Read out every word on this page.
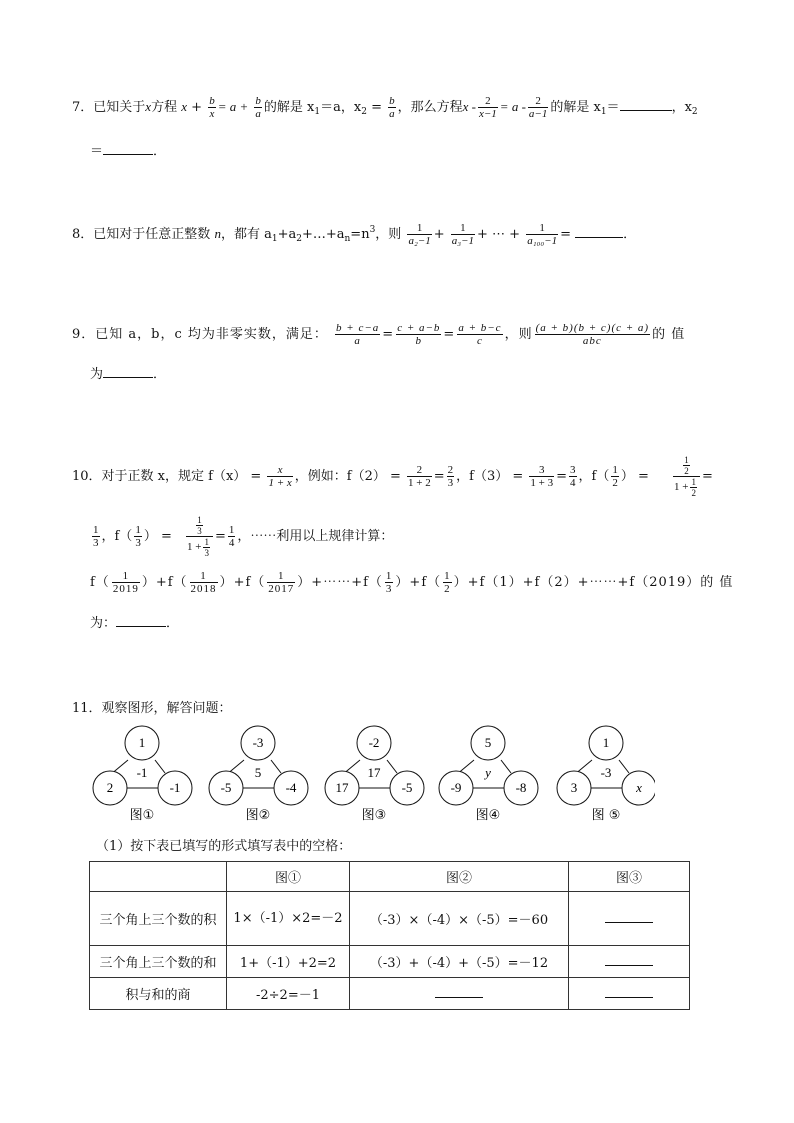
7．已知关于x方程 $x + \frac{b}{x} = a + \frac{b}{a}$ 的解是 $x_1=a$，$x_2 = \frac{b}{a}$ ，那么方程$x - \frac{2}{x-1} = a - \frac{2}{a-1}$ 的解是 $x_1=$	，$x_2$
＝	．
8．已知对于任意正整数 n，都有 $a_1+a_2+\dots+a_n=n^3$，则 $\frac{1}{\text{a₂−1}} + \frac{1}{\text{a₃−1}}$ + ⋯ + $\frac{1}{\text{a₁₀₀−1}}$ =	．
9．已知 a，b，c 均为非零实数，满足： $\frac{b + c-a}{a} = \frac{c + a-b}{b} = \frac{a + b-c}{c}$ ，则 $\frac{(a + b)(b + c)(c + a)}{\text{abc}}$ 的 值
为	．
10．对于正数 x，规定 $f(x) = \frac{x}{1 + x}$ ，例如：$f(2) = \frac{2}{1 + 2} = \frac{2}{3}$ ，$f(3) = \frac{3}{1 + 3} = \frac{3}{4}$ ，$f( \frac{1}{2}$ ） =	$\frac{\frac{1}{2}}{1 + \frac{1}{2}}$ =
$\frac{1}{3}$ ，$f( \frac{1}{3}$ ） = $\frac{\frac{1}{3}}{1 + \frac{1}{3}} = \frac{1}{4}$ ，⋯⋯利用以上规律计算：
$f( \frac{1}{2019} )+f( \frac{1}{2018} )+f( \frac{1}{2017}$ ）+⋯⋯+f（ $\frac{1}{3} )+f( \frac{1}{2}$ ）+f（1）+f（2）+⋯⋯+f（2019）的 值
为：	．
11．观察图形，解答问题：
1
2	-1
-1
图①
-3
-5	-4
5
图②
-2
17	-5
17
图③
5
-9	-8
y
图④
1
3	x
-3
图 ⑤
（1）按下表已填写的形式填写表中的空格：
	图①	图②	图③
三个角上三个数的积	1×（-1）×2=－2	（-3）×（-4）×（-5）=－60	
三个角上三个数的和	1+（-1）+2=2	（-3）+（-4）+（-5）=－12	
积与和的商	-2÷2=－1		
